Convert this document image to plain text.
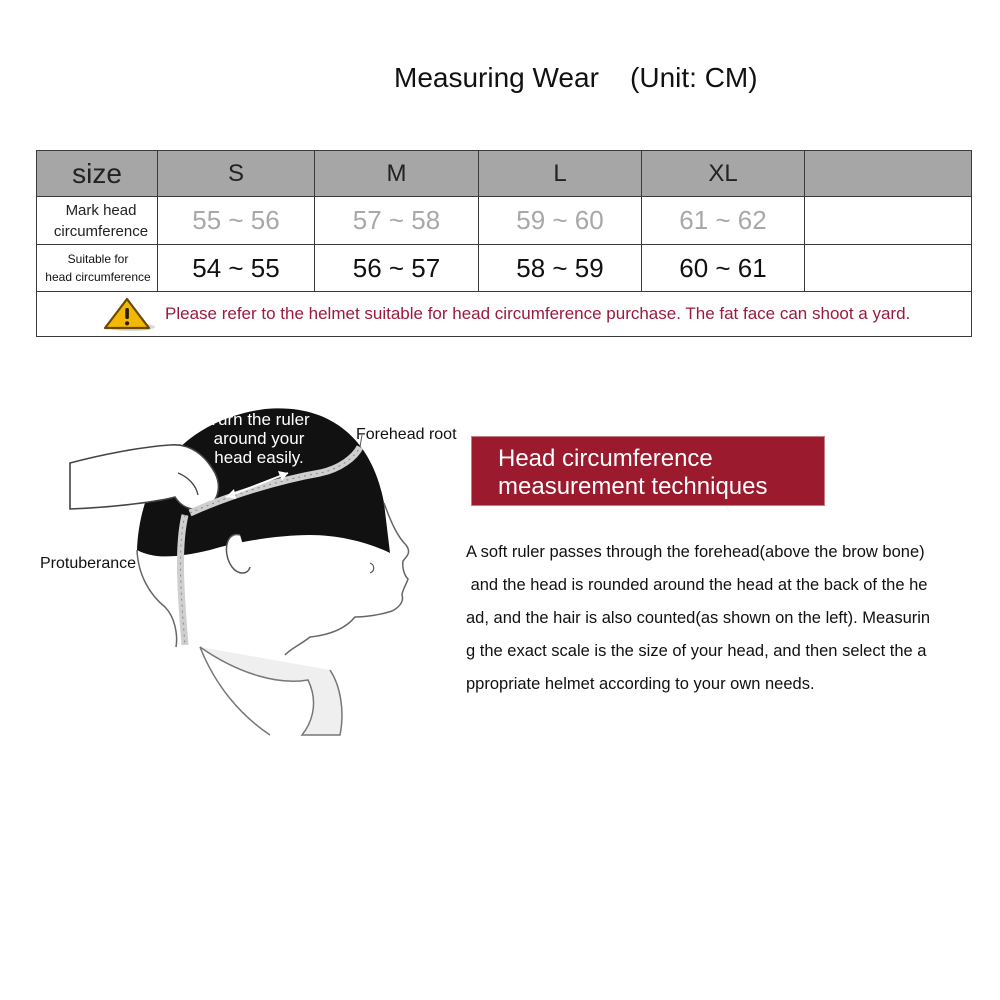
Measuring Wear    (Unit: CM)
size	S	M	L	XL	

Mark head
circumference	55 ~ 56	57 ~ 58	59 ~ 60	61 ~ 62	

Suitable for
head circumference	54 ~ 55	56 ~ 57	58 ~ 59	60 ~ 61	

Please refer to the helmet suitable for head circumference purchase. The fat face can shoot a yard.					
Turn the ruler
around your
head easily.
Forehead root
Protuberance
Head circumference
measurement techniques
A soft ruler passes through the forehead(above the brow bone)
and the head is rounded around the head at the back of the he
ad, and the hair is also counted(as shown on the left). Measurin
g the exact scale is the size of your head, and then select the a
ppropriate helmet according to your own needs.
